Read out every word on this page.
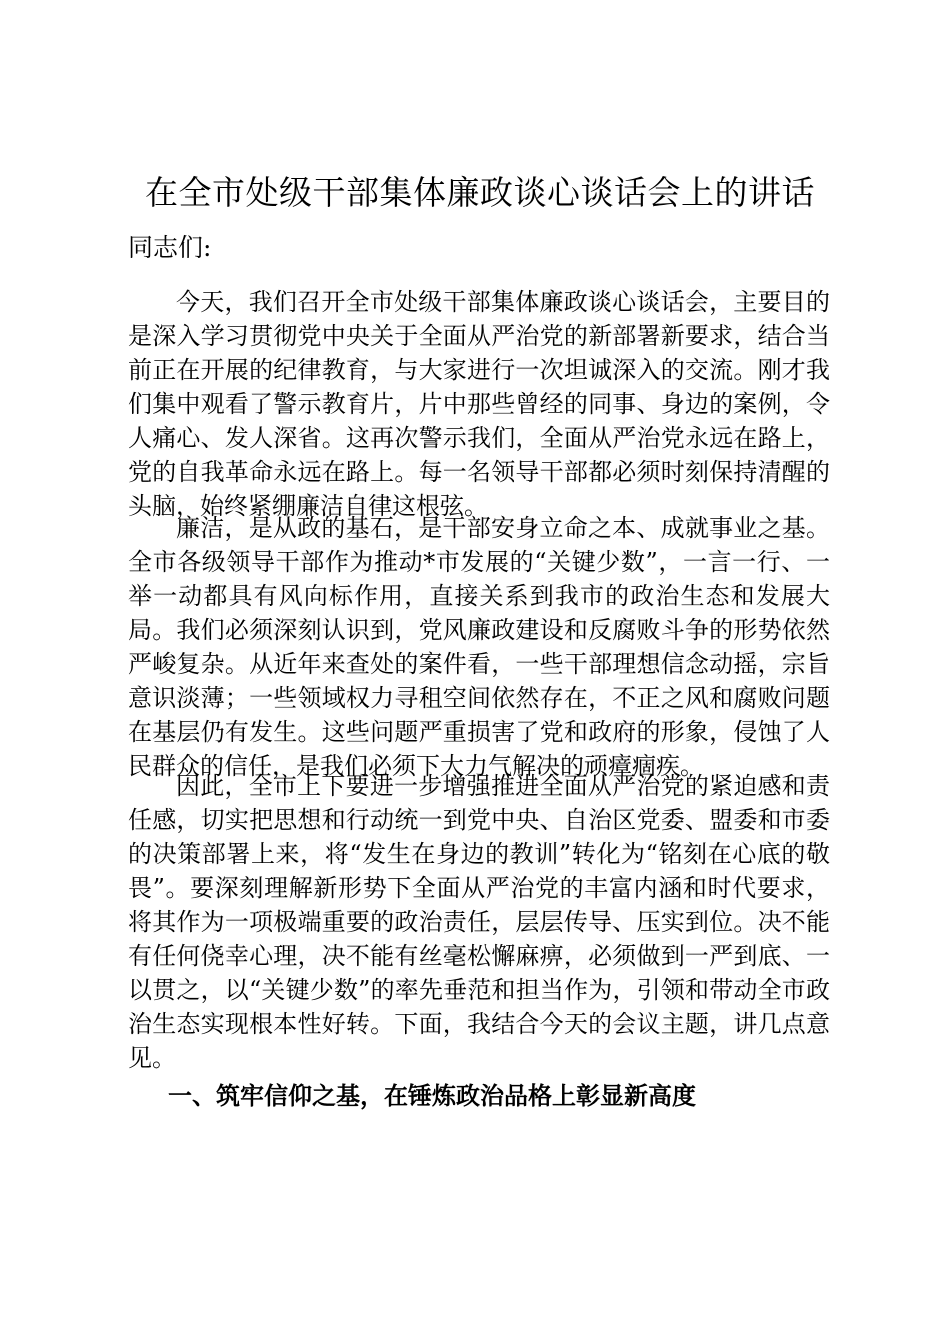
在全市处级干部集体廉政谈心谈话会上的讲话

同志们:

今天，我们召开全市处级干部集体廉政谈心谈话会，主要目的是深入学习贯彻党中央关于全面从严治党的新部署新要求，结合当前正在开展的纪律教育，与大家进行一次坦诚深入的交流。刚才我们集中观看了警示教育片，片中那些曾经的同事、身边的案例，令人痛心、发人深省。这再次警示我们，全面从严治党永远在路上，党的自我革命永远在路上。每一名领导干部都必须时刻保持清醒的头脑，始终紧绷廉洁自律这根弦。

廉洁，是从政的基石，是干部安身立命之本、成就事业之基。全市各级领导干部作为推动*市发展的“关键少数”，一言一行、一举一动都具有风向标作用，直接关系到我市的政治生态和发展大局。我们必须深刻认识到，党风廉政建设和反腐败斗争的形势依然严峻复杂。从近年来查处的案件看，一些干部理想信念动摇，宗旨意识淡薄；一些领域权力寻租空间依然存在，不正之风和腐败问题在基层仍有发生。这些问题严重损害了党和政府的形象，侵蚀了人民群众的信任，是我们必须下大力气解决的顽瘴痼疾。

因此，全市上下要进一步增强推进全面从严治党的紧迫感和责任感，切实把思想和行动统一到党中央、自治区党委、盟委和市委的决策部署上来，将“发生在身边的教训”转化为“铭刻在心底的敬畏”。要深刻理解新形势下全面从严治党的丰富内涵和时代要求，将其作为一项极端重要的政治责任，层层传导、压实到位。决不能有任何侥幸心理，决不能有丝毫松懈麻痹，必须做到一严到底、一以贯之，以“关键少数”的率先垂范和担当作为，引领和带动全市政治生态实现根本性好转。下面，我结合今天的会议主题，讲几点意见。

一、筑牢信仰之基，在锤炼政治品格上彰显新高度
